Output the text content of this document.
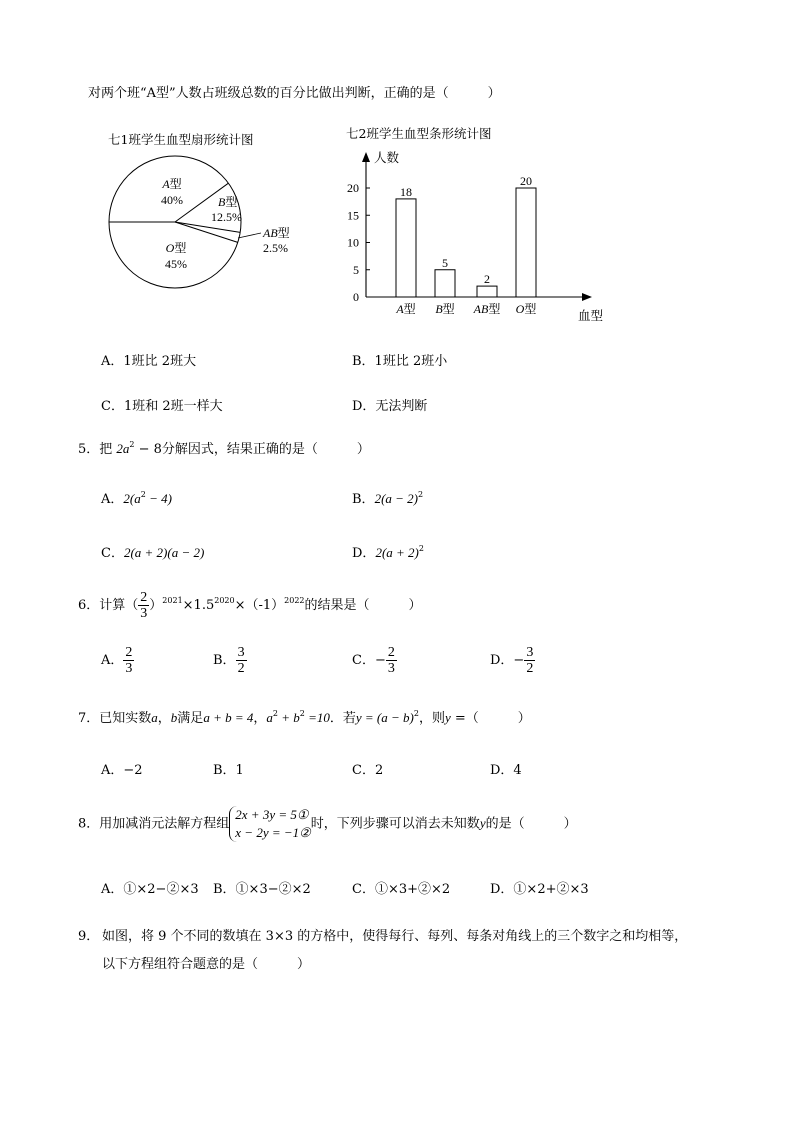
对两个班“A型”人数占班级总数的百分比做出判断，正确的是（　　　）
七1班学生血型扇形统计图
A型
40%	B型
12.5%
AB型
2.5%
O型
45%
七2班学生血型条形统计图
0
5
10
15
20
人数
血型
18
A型
5
B型
2
AB型
20
O型
A．1班比 2班大	B．1班比 2班小
C．1班和 2班一样大	D．无法判断
5．把 $2a^2 - 8$分解因式，结果正确的是（　　　）
A．$2(a^2 - 4)$	B．$2(a - 2)^2$
C．2(a + 2)(a − 2)	D．$2(a + 2)^2$
6．计算（ $\frac{2}{3} )^{2021}\times 1.5^{2020}\times(-1)^{2022}$的结果是（　　　）
A． $\frac{2}{3}$	B． $\frac{3}{2}$	C．− $\frac{2}{3}$	D．− $\frac{3}{2}$
7．已知实数a，b满足a + b = 4，$a^2 + b^2 =10$．若$y = (a - b)^2$，则y =（　　　）
A．−2	B．1	C．2	D．4
8．用加减消元法解方程组
2x + 3y = 5①
x − 2y = −1②
时，下列步骤可以消去未知数y的是（　　　）
A．①×2−②×3 B．①×3−②×2	C．①×3+②×2	D．①×2+②×3
9． 如图，将 9 个不同的数填在 3×3 的方格中，使得每行、每列、每条对角线上的三个数字之和均相等，
以下方程组符合题意的是（　　　）
